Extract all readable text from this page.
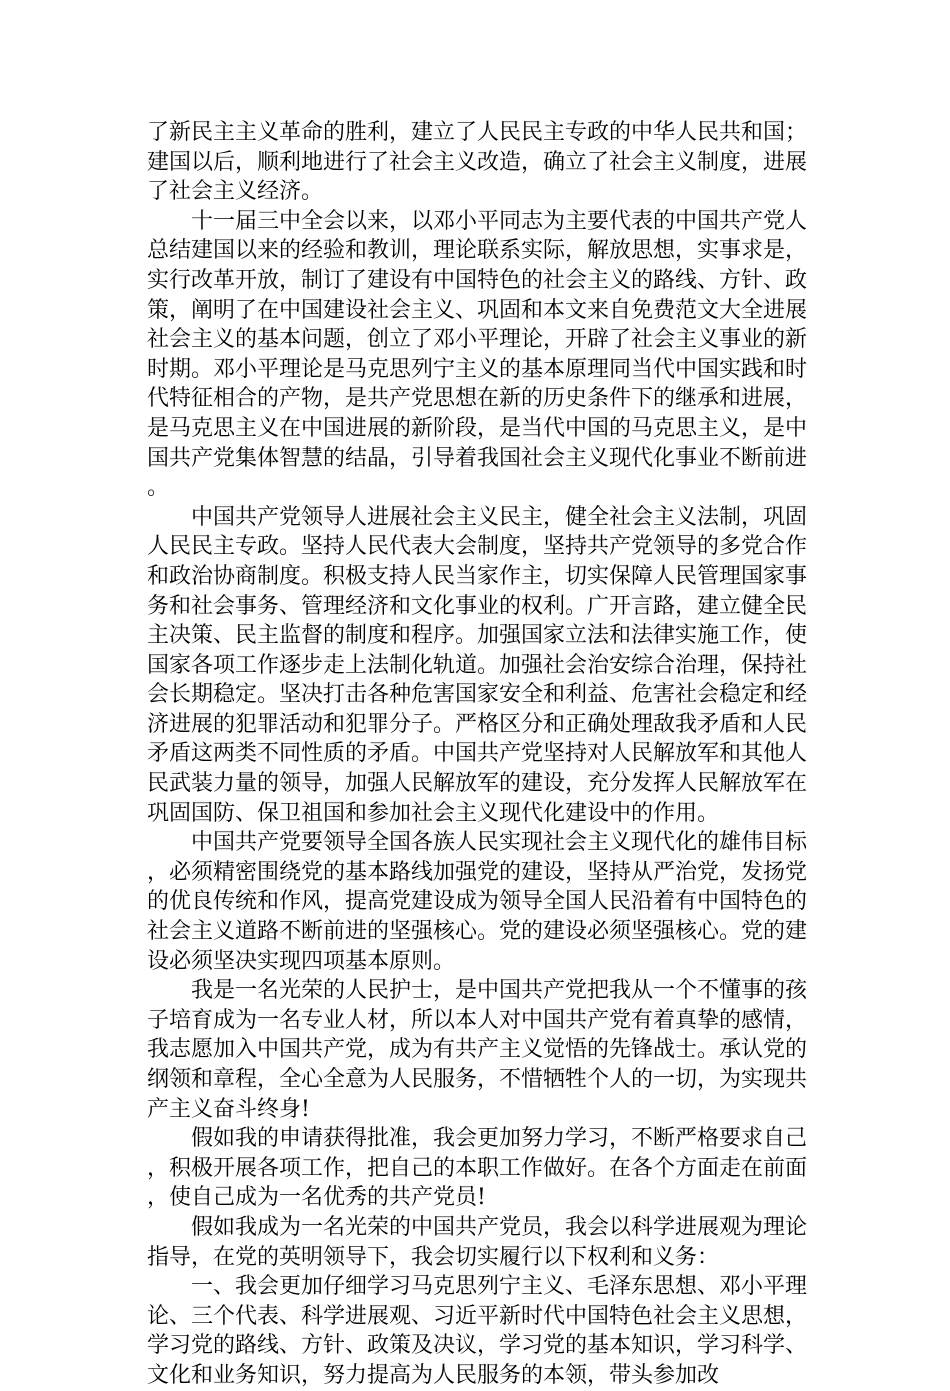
了新民主主义革命的胜利，建立了人民民主专政的中华人民共和国；建国以后，顺利地进行了社会主义改造，确立了社会主义制度，进展了社会主义经济。

十一届三中全会以来，以邓小平同志为主要代表的中国共产党人总结建国以来的经验和教训，理论联系实际，解放思想，实事求是，实行改革开放，制订了建设有中国特色的社会主义的路线、方针、政策，阐明了在中国建设社会主义、巩固和本文来自免费范文大全进展社会主义的基本问题，创立了邓小平理论，开辟了社会主义事业的新时期。邓小平理论是马克思列宁主义的基本原理同当代中国实践和时代特征相合的产物，是共产党思想在新的历史条件下的继承和进展，是马克思主义在中国进展的新阶段，是当代中国的马克思主义，是中国共产党集体智慧的结晶，引导着我国社会主义现代化事业不断前进。

中国共产党领导人进展社会主义民主，健全社会主义法制，巩固人民民主专政。坚持人民代表大会制度，坚持共产党领导的多党合作和政治协商制度。积极支持人民当家作主，切实保障人民管理国家事务和社会事务、管理经济和文化事业的权利。广开言路，建立健全民主决策、民主监督的制度和程序。加强国家立法和法律实施工作，使国家各项工作逐步走上法制化轨道。加强社会治安综合治理，保持社会长期稳定。坚决打击各种危害国家安全和利益、危害社会稳定和经济进展的犯罪活动和犯罪分子。严格区分和正确处理敌我矛盾和人民矛盾这两类不同性质的矛盾。中国共产党坚持对人民解放军和其他人民武装力量的领导，加强人民解放军的建设，充分发挥人民解放军在巩固国防、保卫祖国和参加社会主义现代化建设中的作用。

中国共产党要领导全国各族人民实现社会主义现代化的雄伟目标，必须精密围绕党的基本路线加强党的建设，坚持从严治党，发扬党的优良传统和作风，提高党建设成为领导全国人民沿着有中国特色的社会主义道路不断前进的坚强核心。党的建设必须坚强核心。党的建设必须坚决实现四项基本原则。

我是一名光荣的人民护士，是中国共产党把我从一个不懂事的孩子培育成为一名专业人材，所以本人对中国共产党有着真挚的感情，我志愿加入中国共产党，成为有共产主义觉悟的先锋战士。承认党的纲领和章程，全心全意为人民服务，不惜牺牲个人的一切，为实现共产主义奋斗终身!

假如我的申请获得批准，我会更加努力学习，不断严格要求自己，积极开展各项工作，把自己的本职工作做好。在各个方面走在前面，使自己成为一名优秀的共产党员!

假如我成为一名光荣的中国共产党员，我会以科学进展观为理论指导，在党的英明领导下，我会切实履行以下权利和义务：

一、我会更加仔细学习马克思列宁主义、毛泽东思想、邓小平理论、三个代表、科学进展观、习近平新时代中国特色社会主义思想，学习党的路线、方针、政策及决议，学习党的基本知识，学习科学、文化和业务知识，努力提高为人民服务的本领，带头参加改
